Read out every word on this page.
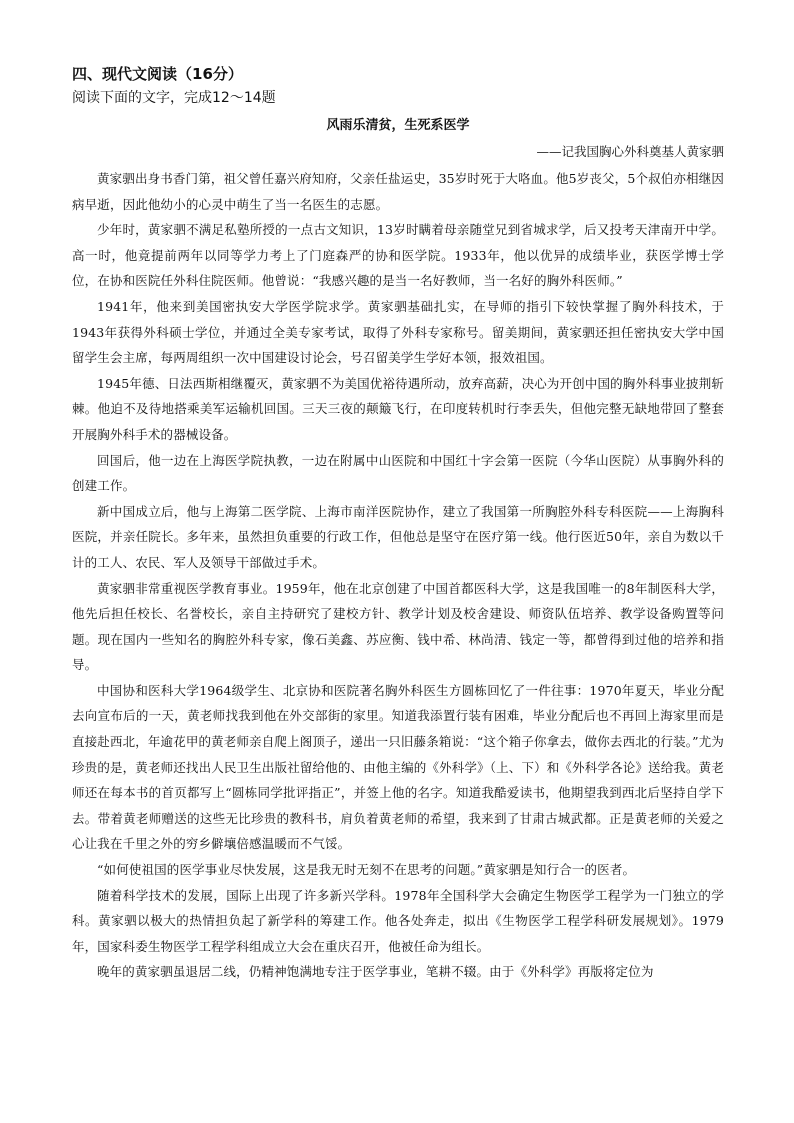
四、现代文阅读（16分）
阅读下面的文字，完成12～14题
风雨乐清贫，生死系医学
——记我国胸心外科奠基人黄家驷

黄家驷出身书香门第，祖父曾任嘉兴府知府，父亲任盐运史，35岁时死于大咯血。他5岁丧父，5个叔伯亦相继因病早逝，因此他幼小的心灵中萌生了当一名医生的志愿。

少年时，黄家驷不满足私塾所授的一点古文知识，13岁时瞒着母亲随堂兄到省城求学，后又投考天津南开中学。高一时，他竟提前两年以同等学力考上了门庭森严的协和医学院。1933年，他以优异的成绩毕业，获医学博士学位，在协和医院任外科住院医师。他曾说：“我感兴趣的是当一名好教师，当一名好的胸外科医师。”

1941年，他来到美国密执安大学医学院求学。黄家驷基础扎实，在导师的指引下较快掌握了胸外科技术，于1943年获得外科硕士学位，并通过全美专家考试，取得了外科专家称号。留美期间，黄家驷还担任密执安大学中国留学生会主席，每两周组织一次中国建设讨论会，号召留美学生学好本领，报效祖国。

1945年德、日法西斯相继覆灭，黄家驷不为美国优裕待遇所动，放弃高薪，决心为开创中国的胸外科事业披荆斩棘。他迫不及待地搭乘美军运输机回国。三天三夜的颠簸飞行，在印度转机时行李丢失，但他完整无缺地带回了整套开展胸外科手术的器械设备。

回国后，他一边在上海医学院执教，一边在附属中山医院和中国红十字会第一医院（今华山医院）从事胸外科的创建工作。

新中国成立后，他与上海第二医学院、上海市南洋医院协作，建立了我国第一所胸腔外科专科医院——上海胸科医院，并亲任院长。多年来，虽然担负重要的行政工作，但他总是坚守在医疗第一线。他行医近50年，亲自为数以千计的工人、农民、军人及领导干部做过手术。

黄家驷非常重视医学教育事业。1959年，他在北京创建了中国首都医科大学，这是我国唯一的8年制医科大学，他先后担任校长、名誉校长，亲自主持研究了建校方针、教学计划及校舍建设、师资队伍培养、教学设备购置等问题。现在国内一些知名的胸腔外科专家，像石美鑫、苏应衡、钱中希、林尚清、钱定一等，都曾得到过他的培养和指导。

中国协和医科大学1964级学生、北京协和医院著名胸外科医生方圆栋回忆了一件往事：1970年夏天，毕业分配去向宣布后的一天，黄老师找我到他在外交部街的家里。知道我添置行装有困难，毕业分配后也不再回上海家里而是直接赴西北，年逾花甲的黄老师亲自爬上阁顶子，递出一只旧藤条箱说：“这个箱子你拿去，做你去西北的行装。”尤为珍贵的是，黄老师还找出人民卫生出版社留给他的、由他主编的《外科学》（上、下）和《外科学各论》送给我。黄老师还在每本书的首页都写上“圆栋同学批评指正”，并签上他的名字。知道我酷爱读书，他期望我到西北后坚持自学下去。带着黄老师赠送的这些无比珍贵的教科书，肩负着黄老师的希望，我来到了甘肃古城武都。正是黄老师的关爱之心让我在千里之外的穷乡僻壤倍感温暖而不气馁。

“如何使祖国的医学事业尽快发展，这是我无时无刻不在思考的问题。”黄家驷是知行合一的医者。

随着科学技术的发展，国际上出现了许多新兴学科。1978年全国科学大会确定生物医学工程学为一门独立的学科。黄家驷以极大的热情担负起了新学科的筹建工作。他各处奔走，拟出《生物医学工程学科研发展规划》。1979年，国家科委生物医学工程学科组成立大会在重庆召开，他被任命为组长。

晚年的黄家驷虽退居二线，仍精神饱满地专注于医学事业，笔耕不辍。由于《外科学》再版将定位为
